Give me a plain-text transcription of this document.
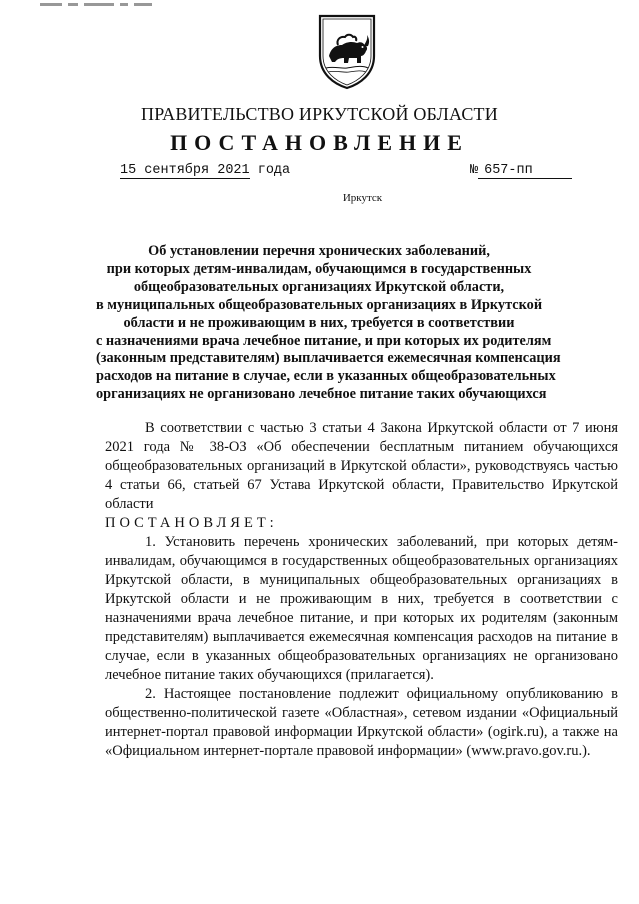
ПРАВИТЕЛЬСТВО ИРКУТСКОЙ ОБЛАСТИ
ПОСТАНОВЛЕНИЕ
15 сентября 2021 года	№ 657-пп
Иркутск
Об установлении перечня хронических заболеваний,
при которых детям-инвалидам, обучающимся в государственных
общеобразовательных организациях Иркутской области,
в муниципальных общеобразовательных организациях в Иркутской
области и не проживающим в них, требуется в соответствии
с назначениями врача лечебное питание, и при которых их родителям
(законным представителям) выплачивается ежемесячная компенсация
расходов на питание в случае, если в указанных общеобразовательных
организациях не организовано лечебное питание таких обучающихся

В соответствии с частью 3 статьи 4 Закона Иркутской области от 7 июня 2021 года № 38-ОЗ «Об обеспечении бесплатным питанием обучающихся общеобразовательных организаций в Иркутской области», руководствуясь частью 4 статьи 66, статьей 67 Устава Иркутской области, Правительство Иркутской области

ПОСТАНОВЛЯЕТ:

1. Установить перечень хронических заболеваний, при которых детям-инвалидам, обучающимся в государственных общеобразовательных организациях Иркутской области, в муниципальных общеобразовательных организациях в Иркутской области и не проживающим в них, требуется в соответствии с назначениями врача лечебное питание, и при которых их родителям (законным представителям) выплачивается ежемесячная компенсация расходов на питание в случае, если в указанных общеобразовательных организациях не организовано лечебное питание таких обучающихся (прилагается).

2. Настоящее постановление подлежит официальному опубликованию в общественно-политической газете «Областная», сетевом издании «Официальный интернет-портал правовой информации Иркутской области» (ogirk.ru), а также на «Официальном интернет-портале правовой информации» (www.pravo.gov.ru.).
